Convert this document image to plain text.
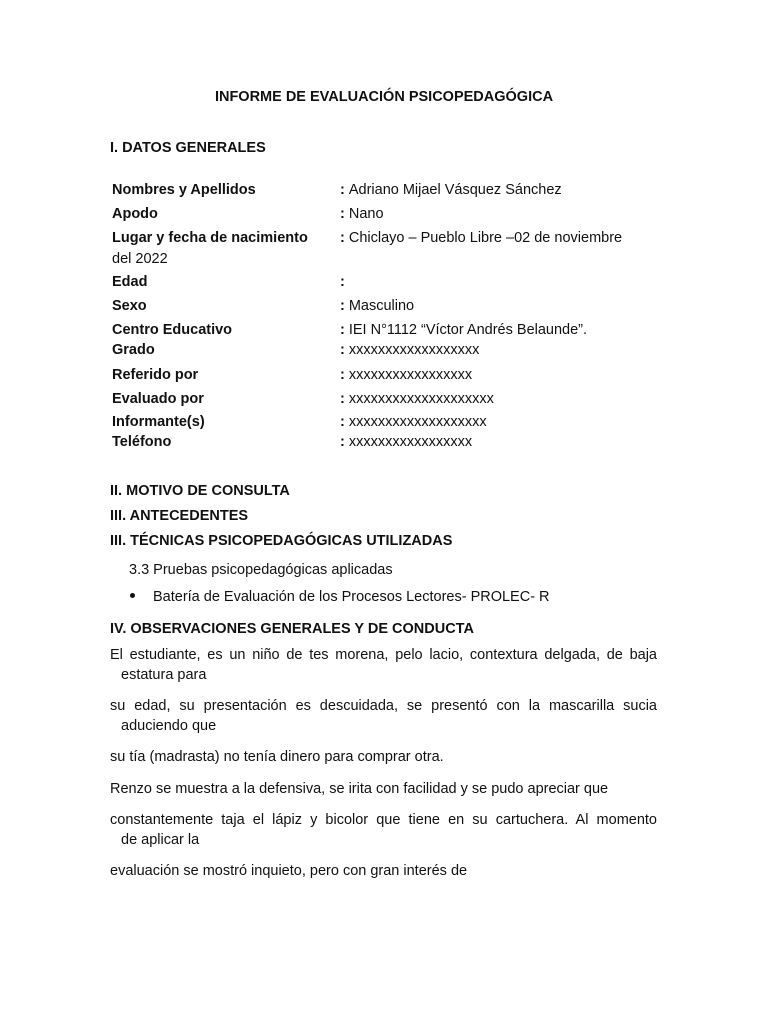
INFORME DE EVALUACIÓN PSICOPEDAGÓGICA
I. DATOS GENERALES
Nombres y Apellidos	: Adriano Mijael Vásquez Sánchez
Apodo	: Nano
Lugar y fecha de nacimiento : Chiclayo – Pueblo Libre –02 de noviembre
del 2022
Edad	:
Sexo	: Masculino
Centro Educativo	: IEI N°1112 “Víctor Andrés Belaunde”.
Grado	: xxxxxxxxxxxxxxxxxx
Referido por	: xxxxxxxxxxxxxxxxx
Evaluado por	: xxxxxxxxxxxxxxxxxxxx
Informante(s)	: xxxxxxxxxxxxxxxxxxx
Teléfono	: xxxxxxxxxxxxxxxxx
II. MOTIVO DE CONSULTA
III. ANTECEDENTES
III. TÉCNICAS PSICOPEDAGÓGICAS UTILIZADAS
3.3 Pruebas psicopedagógicas aplicadas
Batería de Evaluación de los Procesos Lectores- PROLEC- R
IV. OBSERVACIONES GENERALES Y DE CONDUCTA
El estudiante, es un niño de tes morena, pelo lacio, contextura delgada, de baja
estatura para
su edad, su presentación es descuidada, se presentó con la mascarilla sucia
aduciendo que
su tía (madrasta) no tenía dinero para comprar otra.
Renzo se muestra a la defensiva, se irita con facilidad y se pudo apreciar que
constantemente taja el lápiz y bicolor que tiene en su cartuchera. Al momento
de aplicar la
evaluación se mostró inquieto, pero con gran interés de
